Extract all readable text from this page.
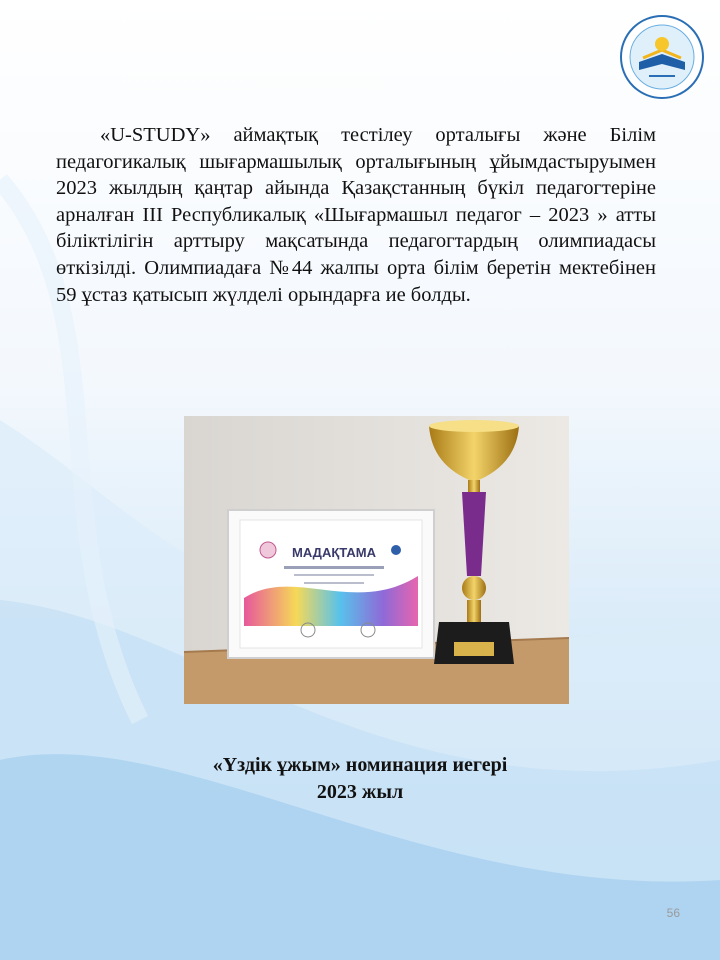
«U-STUDY» аймақтық тестілеу орталығы және Білім педагогикалық шығармашылық орталығының ұйымдастыруымен 2023 жылдың қаңтар айында Қазақстанның бүкіл педагогтеріне арналған ІІІ Республикалық «Шығармашыл педагог – 2023 » атты біліктілігін арттыру мақсатында педагогтардың олимпиадасы өткізілді. Олимпиадаға №44 жалпы орта білім беретін мектебінен 59 ұстаз қатысып жүлделі орындарға ие болды.

МАДАҚТАМА
«Үздік ұжым» номинация иегері
2023 жыл
56
